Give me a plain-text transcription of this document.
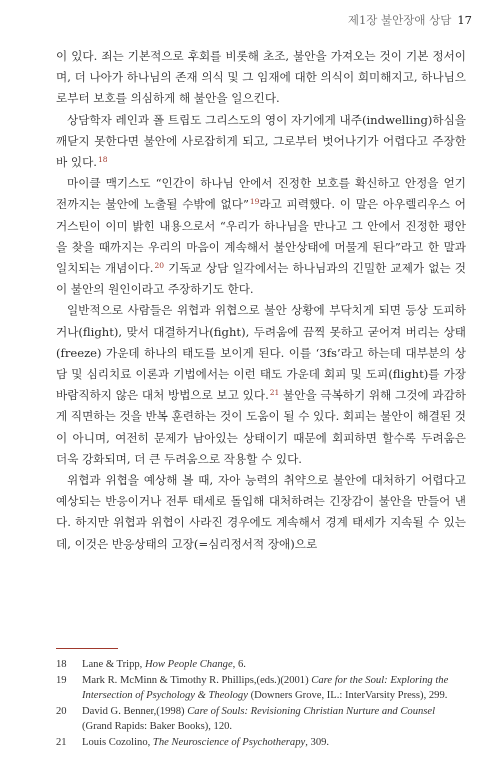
제1장 불안장애 상담 17

이 있다. 죄는 기본적으로 후회를 비롯해 초조, 불안을 가져오는 것이 기본 정서이며, 더 나아가 하나님의 존재 의식 및 그 임재에 대한 의식이 희미해지고, 하나님으로부터 보호를 의심하게 해 불안을 일으킨다.

상담학자 레인과 폴 트립도 그리스도의 영이 자기에게 내주(indwelling)하심을 깨닫지 못한다면 불안에 사로잡히게 되고, 그로부터 벗어나기가 어렵다고 주장한 바 있다.$^{18}$

마이클 맥기스도 “인간이 하나님 안에서 진정한 보호를 확신하고 안정을 얻기 전까지는 불안에 노출될 수밖에 없다”$^{19}$라고 피력했다. 이 말은 아우렐리우스 어거스틴이 이미 밝힌 내용으로서 “우리가 하나님을 만나고 그 안에서 진정한 평안을 찾을 때까지는 우리의 마음이 계속해서 불안상태에 머물게 된다”라고 한 말과 일치되는 개념이다.$^{20}$ 기독교 상담 일각에서는 하나님과의 긴밀한 교제가 없는 것이 불안의 원인이라고 주장하기도 한다.

일반적으로 사람들은 위협과 위협으로 불안 상황에 부닥치게 되면 등상 도피하거나(flight), 맞서 대결하거나(fight), 두려움에 끔찍 못하고 굳어져 버리는 상태(freeze) 가운데 하나의 태도를 보이게 된다. 이를 ‘3fs’라고 하는데 대부분의 상담 및 심리치료 이론과 기법에서는 이런 태도 가운데 회피 및 도피(flight)를 가장 바람직하지 않은 대처 방법으로 보고 있다.$^{21}$ 불안을 극복하기 위해 그것에 과감하게 직면하는 것을 반복 훈련하는 것이 도움이 될 수 있다. 회피는 불안이 해결된 것이 아니며, 여전히 문제가 남아있는 상태이기 때문에 회피하면 할수록 두려움은 더욱 강화되며, 더 큰 두려움으로 작용할 수 있다.

위협과 위협을 예상해 볼 때, 자아 능력의 취약으로 불안에 대처하기 어렵다고 예상되는 반응이거나 전투 태세로 돌입해 대처하려는 긴장감이 불안을 만들어 낸다. 하지만 위협과 위협이 사라진 경우에도 계속해서 경계 태세가 지속될 수 있는데, 이것은 반응상태의 고장(=심리정서적 장애)으로

18	Lane & Tripp, How People Change, 6.
19	Mark R. McMinn & Timothy R. Phillips,(eds.)(2001) Care for the Soul: Exploring the Intersection of Psychology & Theology (Downers Grove, IL.: InterVarsity Press), 299.
20	David G. Benner,(1998) Care of Souls: Revisioning Christian Nurture and Counsel (Grand Rapids: Baker Books), 120.
21	Louis Cozolino, The Neuroscience of Psychotherapy, 309.
